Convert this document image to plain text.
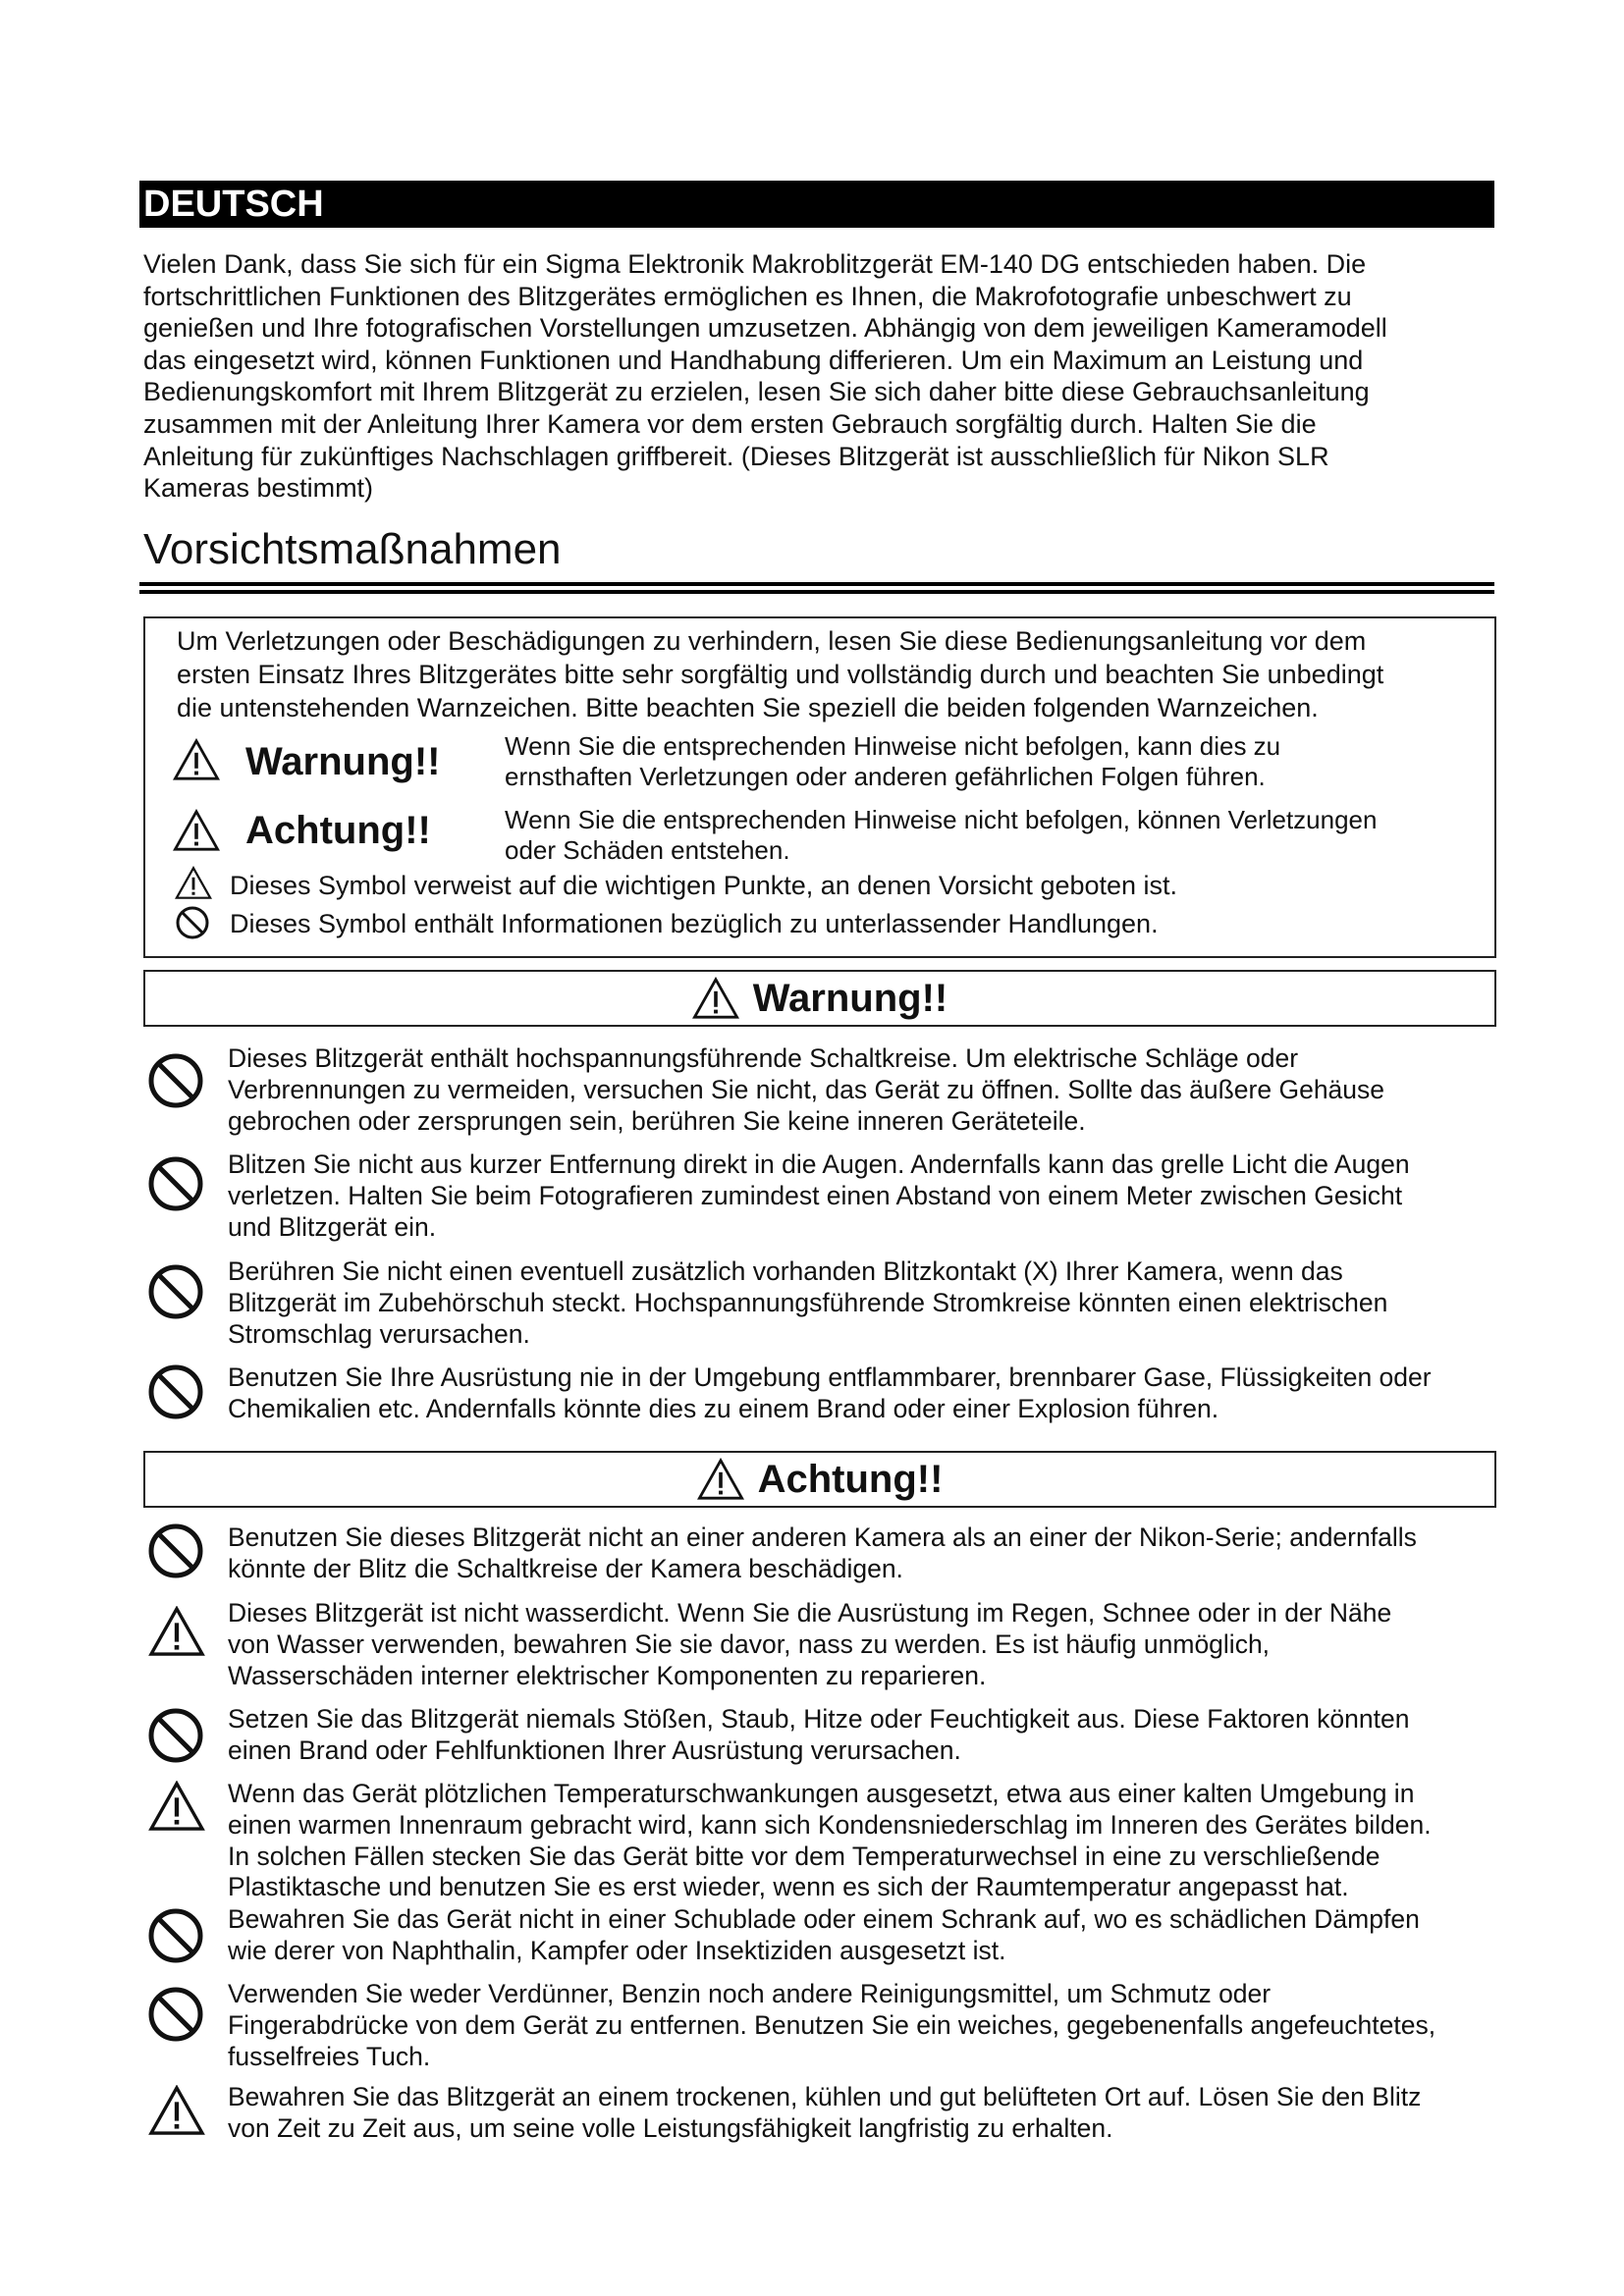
DEUTSCH
Vielen Dank, dass Sie sich für ein Sigma Elektronik Makroblitzgerät EM-140 DG entschieden haben. Die
fortschrittlichen Funktionen des Blitzgerätes ermöglichen es Ihnen, die Makrofotografie unbeschwert zu
genießen und Ihre fotografischen Vorstellungen umzusetzen. Abhängig von dem jeweiligen Kameramodell
das eingesetzt wird, können Funktionen und Handhabung differieren. Um ein Maximum an Leistung und
Bedienungskomfort mit Ihrem Blitzgerät zu erzielen, lesen Sie sich daher bitte diese Gebrauchsanleitung
zusammen mit der Anleitung Ihrer Kamera vor dem ersten Gebrauch sorgfältig durch. Halten Sie die
Anleitung für zukünftiges Nachschlagen griffbereit. (Dieses Blitzgerät ist ausschließlich für Nikon SLR
Kameras bestimmt)
Vorsichtsmaßnahmen
Um Verletzungen oder Beschädigungen zu verhindern, lesen Sie diese Bedienungsanleitung vor dem
ersten Einsatz Ihres Blitzgerätes bitte sehr sorgfältig und vollständig durch und beachten Sie unbedingt
die untenstehenden Warnzeichen. Bitte beachten Sie speziell die beiden folgenden Warnzeichen.
Warnung!!	Wenn Sie die entsprechenden Hinweise nicht befolgen, kann dies zu
ernsthaften Verletzungen oder anderen gefährlichen Folgen führen.
Achtung!!	Wenn Sie die entsprechenden Hinweise nicht befolgen, können Verletzungen
oder Schäden entstehen.
Dieses Symbol verweist auf die wichtigen Punkte, an denen Vorsicht geboten ist.
Dieses Symbol enthält Informationen bezüglich zu unterlassender Handlungen.
Warnung!!
Dieses Blitzgerät enthält hochspannungsführende Schaltkreise. Um elektrische Schläge oder
Verbrennungen zu vermeiden, versuchen Sie nicht, das Gerät zu öffnen. Sollte das äußere Gehäuse
gebrochen oder zersprungen sein, berühren Sie keine inneren Geräteteile.
Blitzen Sie nicht aus kurzer Entfernung direkt in die Augen. Andernfalls kann das grelle Licht die Augen
verletzen. Halten Sie beim Fotografieren zumindest einen Abstand von einem Meter zwischen Gesicht
und Blitzgerät ein.
Berühren Sie nicht einen eventuell zusätzlich vorhanden Blitzkontakt (X) Ihrer Kamera, wenn das
Blitzgerät im Zubehörschuh steckt. Hochspannungsführende Stromkreise könnten einen elektrischen
Stromschlag verursachen.
Benutzen Sie Ihre Ausrüstung nie in der Umgebung entflammbarer, brennbarer Gase, Flüssigkeiten oder
Chemikalien etc. Andernfalls könnte dies zu einem Brand oder einer Explosion führen.
Achtung!!
Benutzen Sie dieses Blitzgerät nicht an einer anderen Kamera als an einer der Nikon-Serie; andernfalls
könnte der Blitz die Schaltkreise der Kamera beschädigen.
Dieses Blitzgerät ist nicht wasserdicht. Wenn Sie die Ausrüstung im Regen, Schnee oder in der Nähe
von Wasser verwenden, bewahren Sie sie davor, nass zu werden. Es ist häufig unmöglich,
Wasserschäden interner elektrischer Komponenten zu reparieren.
Setzen Sie das Blitzgerät niemals Stößen, Staub, Hitze oder Feuchtigkeit aus. Diese Faktoren könnten
einen Brand oder Fehlfunktionen Ihrer Ausrüstung verursachen.
Wenn das Gerät plötzlichen Temperaturschwankungen ausgesetzt, etwa aus einer kalten Umgebung in
einen warmen Innenraum gebracht wird, kann sich Kondensniederschlag im Inneren des Gerätes bilden.
In solchen Fällen stecken Sie das Gerät bitte vor dem Temperaturwechsel in eine zu verschließende
Plastiktasche und benutzen Sie es erst wieder, wenn es sich der Raumtemperatur angepasst hat.
Bewahren Sie das Gerät nicht in einer Schublade oder einem Schrank auf, wo es schädlichen Dämpfen
wie derer von Naphthalin, Kampfer oder Insektiziden ausgesetzt ist.
Verwenden Sie weder Verdünner, Benzin noch andere Reinigungsmittel, um Schmutz oder
Fingerabdrücke von dem Gerät zu entfernen. Benutzen Sie ein weiches, gegebenenfalls angefeuchtetes,
fusselfreies Tuch.
Bewahren Sie das Blitzgerät an einem trockenen, kühlen und gut belüfteten Ort auf. Lösen Sie den Blitz
von Zeit zu Zeit aus, um seine volle Leistungsfähigkeit langfristig zu erhalten.
